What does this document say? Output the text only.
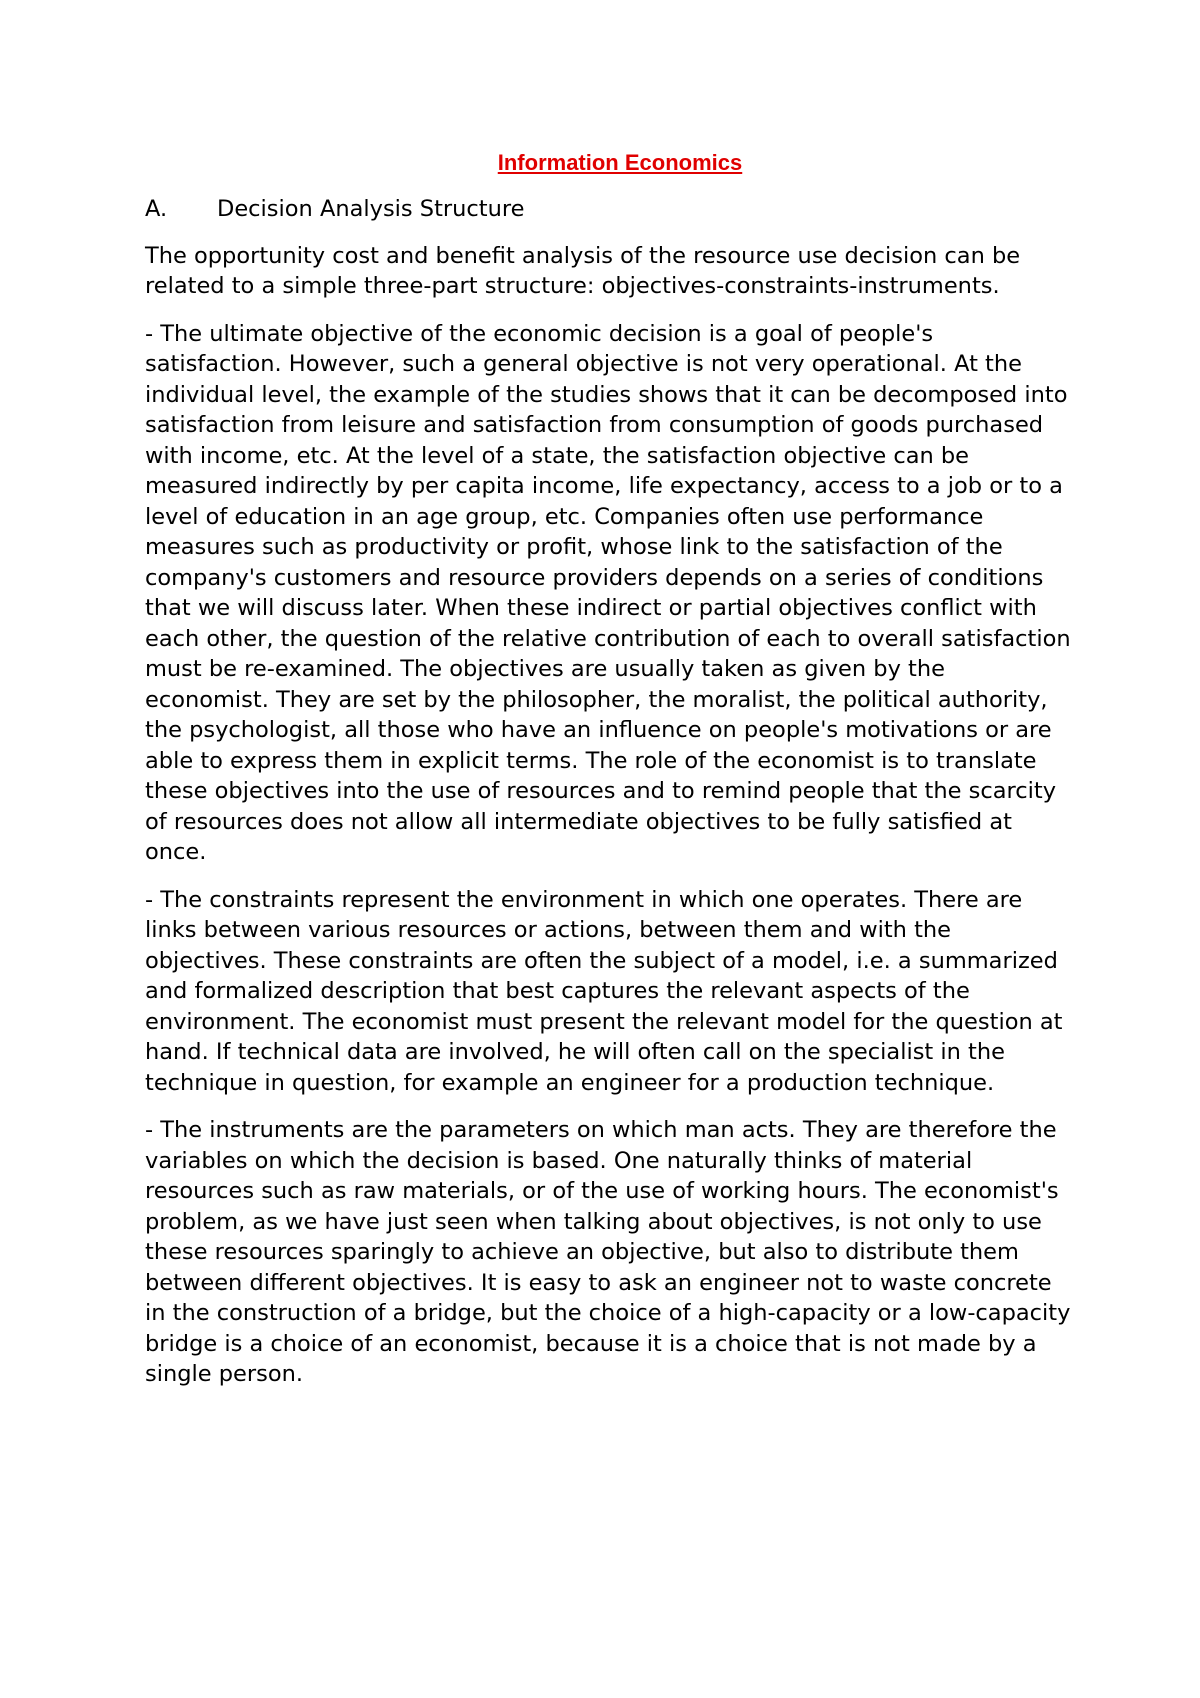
Information Economics
A. Decision Analysis Structure

The opportunity cost and benefit analysis of the resource use decision can be related to a simple three-part structure: objectives-constraints-instruments.

- The ultimate objective of the economic decision is a goal of people's satisfaction. However, such a general objective is not very operational. At the individual level, the example of the studies shows that it can be decomposed into satisfaction from leisure and satisfaction from consumption of goods purchased with income, etc. At the level of a state, the satisfaction objective can be measured indirectly by per capita income, life expectancy, access to a job or to a level of education in an age group, etc. Companies often use performance measures such as productivity or profit, whose link to the satisfaction of the company's customers and resource providers depends on a series of conditions that we will discuss later. When these indirect or partial objectives conflict with each other, the question of the relative contribution of each to overall satisfaction must be re-examined. The objectives are usually taken as given by the economist. They are set by the philosopher, the moralist, the political authority, the psychologist, all those who have an influence on people's motivations or are able to express them in explicit terms. The role of the economist is to translate these objectives into the use of resources and to remind people that the scarcity of resources does not allow all intermediate objectives to be fully satisfied at once.

- The constraints represent the environment in which one operates. There are links between various resources or actions, between them and with the objectives. These constraints are often the subject of a model, i.e. a summarized and formalized description that best captures the relevant aspects of the environment. The economist must present the relevant model for the question at hand. If technical data are involved, he will often call on the specialist in the technique in question, for example an engineer for a production technique.

- The instruments are the parameters on which man acts. They are therefore the variables on which the decision is based. One naturally thinks of material resources such as raw materials, or of the use of working hours. The economist's problem, as we have just seen when talking about objectives, is not only to use these resources sparingly to achieve an objective, but also to distribute them between different objectives. It is easy to ask an engineer not to waste concrete in the construction of a bridge, but the choice of a high-capacity or a low-capacity bridge is a choice of an economist, because it is a choice that is not made by a single person.
